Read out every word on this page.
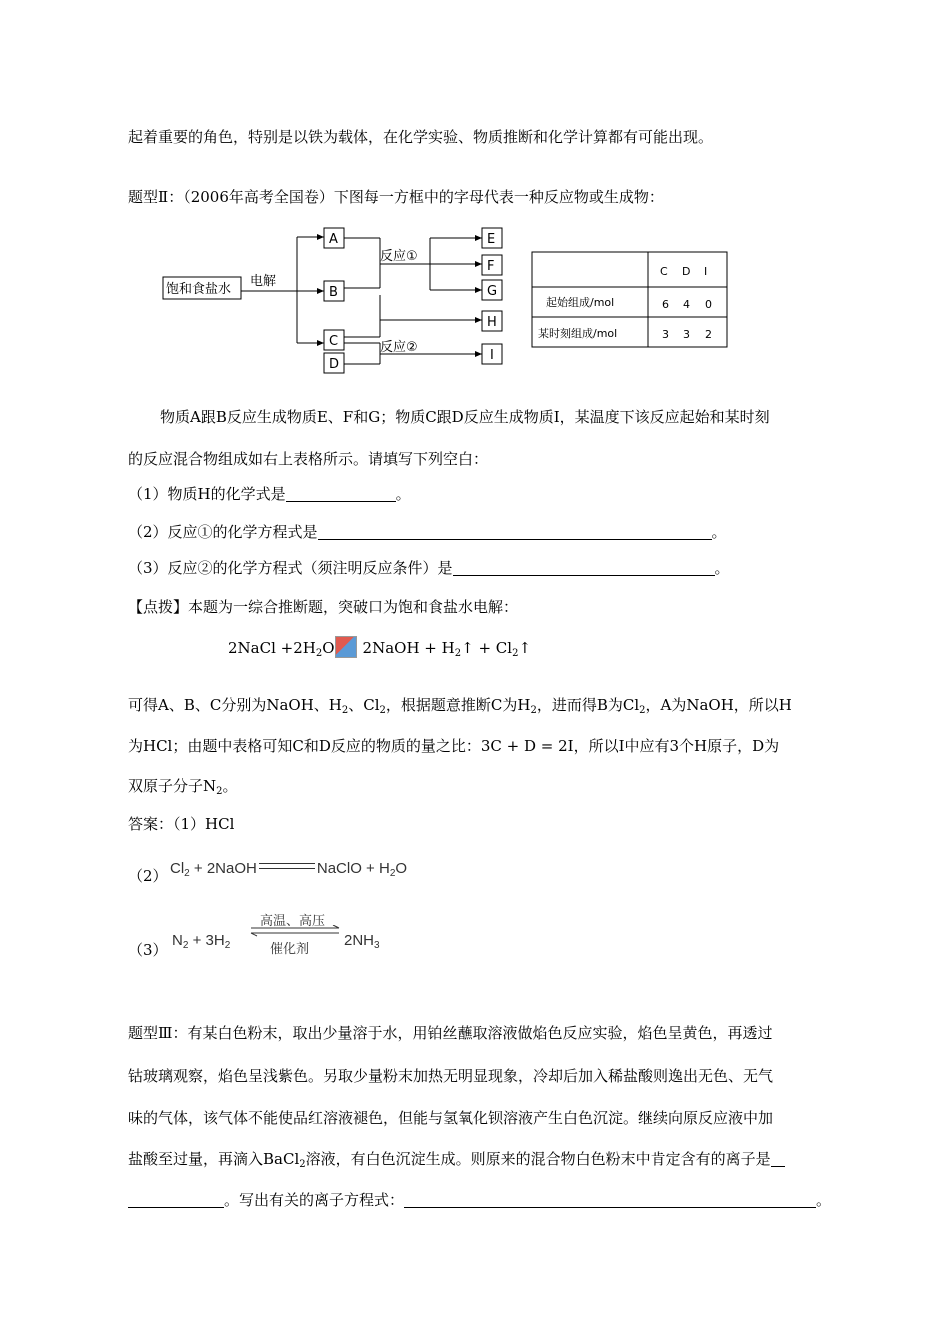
起着重要的角色，特别是以铁为载体，在化学实验、物质推断和化学计算都有可能出现。
题型Ⅱ：（2006年高考全国卷）下图每一方框中的字母代表一种反应物或生成物：
饱和食盐水
电解
反应①
反应②
A
B
C
D
E
F
G
H
I
C D I
起始组成/mol	6 4 0
某时刻组成/mol	3 3 2
物质A跟B反应生成物质E、F和G；物质C跟D反应生成物质I，某温度下该反应起始和某时刻
的反应混合物组成如右上表格所示。请填写下列空白：
（1）物质H的化学式是	。
（2）反应①的化学方程式是	。
（3）反应②的化学方程式（须注明反应条件）是	。
【点拨】本题为一综合推断题，突破口为饱和食盐水电解：
2NaCl $+2H_2O$ 2NaOH + $H_2↑$ + $Cl_2↑$
可得A、B、C分别为NaOH、$H_2$、$Cl_2$，根据题意推断C为$H_2$，进而得B为$Cl_2$，A为NaOH，所以H
为HCl；由题中表格可知C和D反应的物质的量之比：3C + D = 2I，所以I中应有3个H原子，D为
双原子分子$N_2$。
答案：（1）HCl
（2） $Cl_2$ + 2NaOH	NaClO + $H_2O$
（3）
$N_2 + 3H_2$
高温、高压
催化剂 $2NH_3$
题型Ⅲ：有某白色粉末，取出少量溶于水，用铂丝蘸取溶液做焰色反应实验，焰色呈黄色，再透过
钴玻璃观察，焰色呈浅紫色。另取少量粉末加热无明显现象，冷却后加入稀盐酸则逸出无色、无气
味的气体，该气体不能使品红溶液褪色，但能与氢氧化钡溶液产生白色沉淀。继续向原反应液中加
盐酸至过量，再滴入BaCl$_2$溶液，有白色沉淀生成。则原来的混合物白色粉末中肯定含有的离子是
。写出有关的离子方程式：	。
